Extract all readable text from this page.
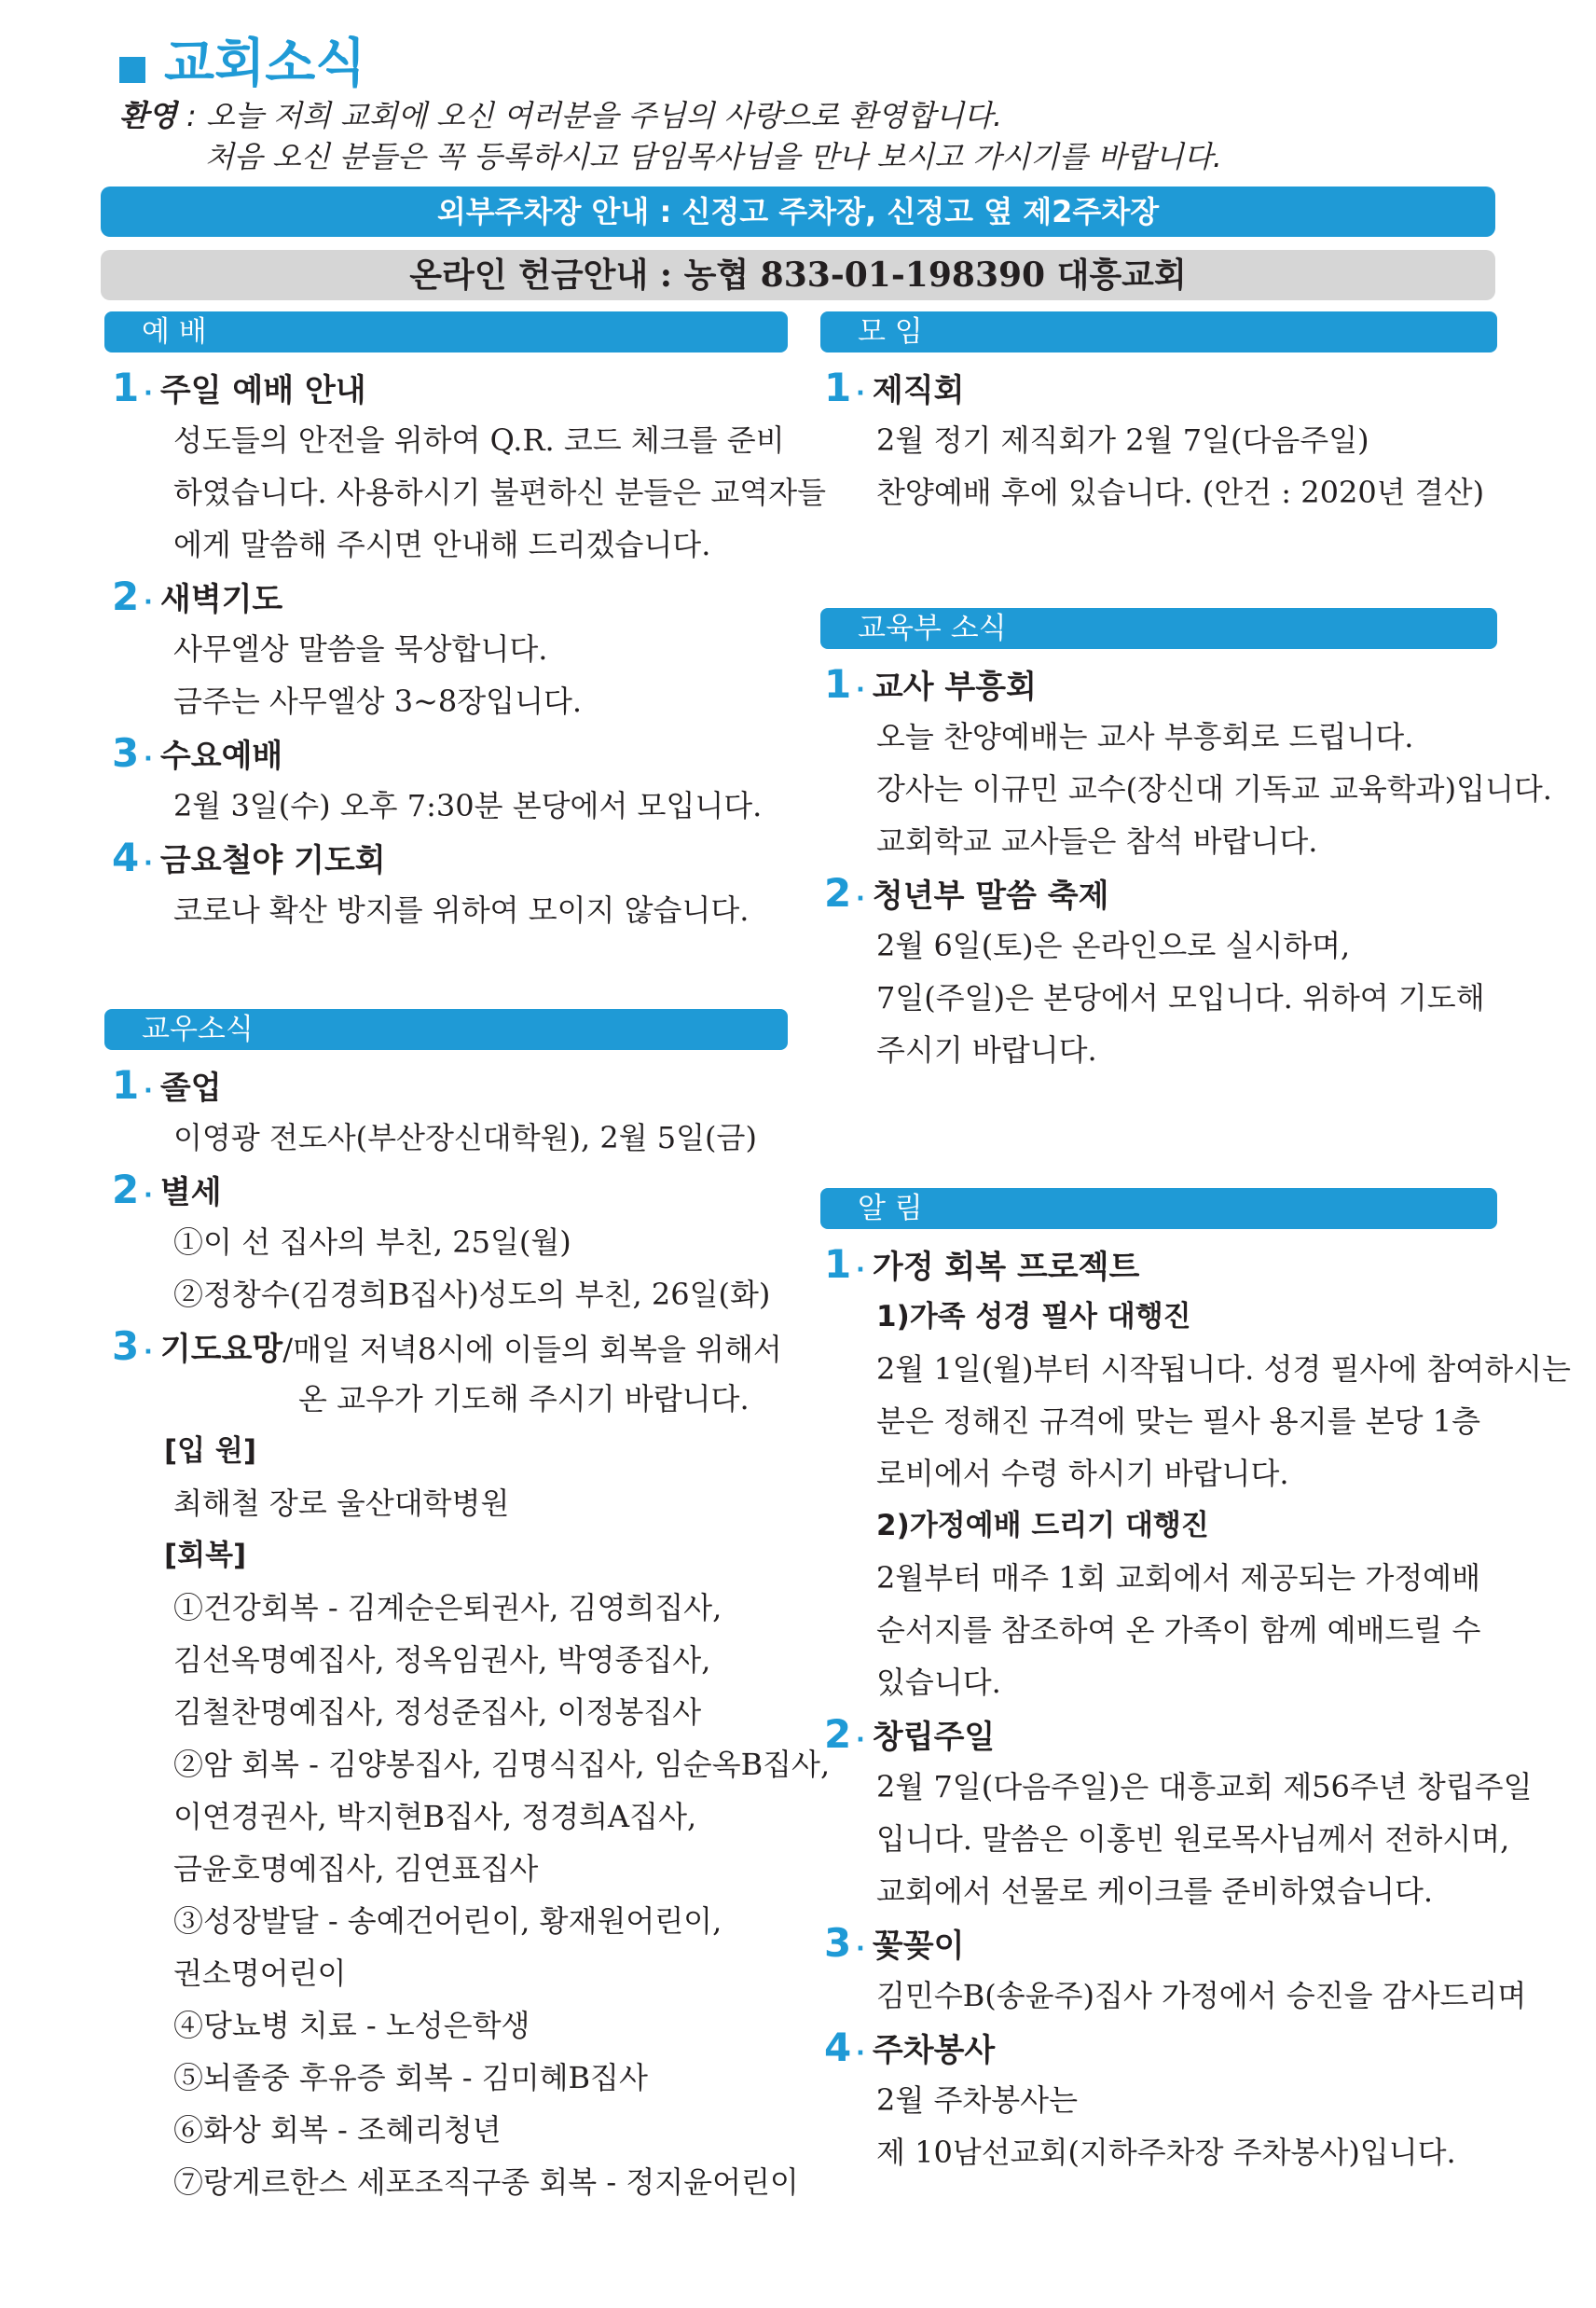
교회소식
환영 : 오늘 저희 교회에 오신 여러분을 주님의 사랑으로 환영합니다.
처음 오신 분들은 꼭 등록하시고 담임목사님을 만나 보시고 가시기를 바랍니다.
외부주차장 안내 : 신정고 주차장, 신정고 옆 제2주차장
온라인 헌금안내 : 농협 833-01-198390 대흥교회
예 배
1 · 주일 예배 안내
성도들의 안전을 위하여 Q.R. 코드 체크를 준비
하였습니다. 사용하시기 불편하신 분들은 교역자들
에게 말씀해 주시면 안내해 드리겠습니다.
2 · 새벽기도
사무엘상 말씀을 묵상합니다.
금주는 사무엘상 3~8장입니다.
3 · 수요예배
2월 3일(수) 오후 7:30분 본당에서 모입니다.
4 · 금요철야 기도회
코로나 확산 방지를 위하여 모이지 않습니다.
교우소식
1 · 졸업
이영광 전도사(부산장신대학원), 2월 5일(금)
2 · 별세
①이 선 집사의 부친, 25일(월)
②정창수(김경희B집사)성도의 부친, 26일(화)
3 · 기도요망/매일 저녁8시에 이들의 회복을 위해서
온 교우가 기도해 주시기 바랍니다.
[입 원]
최해철 장로 울산대학병원
[회복]
①건강회복 - 김계순은퇴권사, 김영희집사,
김선옥명예집사, 정옥임권사, 박영종집사,
김철찬명예집사, 정성준집사, 이정봉집사
②암 회복 - 김양봉집사, 김명식집사, 임순옥B집사,
이연경권사, 박지현B집사, 정경희A집사,
금윤호명예집사, 김연표집사
③성장발달 - 송예건어린이, 황재원어린이,
권소명어린이
④당뇨병 치료 - 노성은학생
⑤뇌졸중 후유증 회복 - 김미혜B집사
⑥화상 회복 - 조혜리청년
⑦랑게르한스 세포조직구종 회복 - 정지윤어린이
모 임
1 · 제직회
2월 정기 제직회가 2월 7일(다음주일)
찬양예배 후에 있습니다. (안건 : 2020년 결산)
교육부 소식
1 · 교사 부흥회
오늘 찬양예배는 교사 부흥회로 드립니다.
강사는 이규민 교수(장신대 기독교 교육학과)입니다.
교회학교 교사들은 참석 바랍니다.
2 · 청년부 말씀 축제
2월 6일(토)은 온라인으로 실시하며,
7일(주일)은 본당에서 모입니다. 위하여 기도해
주시기 바랍니다.
알 림
1 · 가정 회복 프로젝트
1)가족 성경 필사 대행진
2월 1일(월)부터 시작됩니다. 성경 필사에 참여하시는
분은 정해진 규격에 맞는 필사 용지를 본당 1층
로비에서 수령 하시기 바랍니다.
2)가정예배 드리기 대행진
2월부터 매주 1회 교회에서 제공되는 가정예배
순서지를 참조하여 온 가족이 함께 예배드릴 수
있습니다.
2 · 창립주일
2월 7일(다음주일)은 대흥교회 제56주년 창립주일
입니다. 말씀은 이홍빈 원로목사님께서 전하시며,
교회에서 선물로 케이크를 준비하였습니다.
3 · 꽃꽂이
김민수B(송윤주)집사 가정에서 승진을 감사드리며
4 · 주차봉사
2월 주차봉사는
제 10남선교회(지하주차장 주차봉사)입니다.
